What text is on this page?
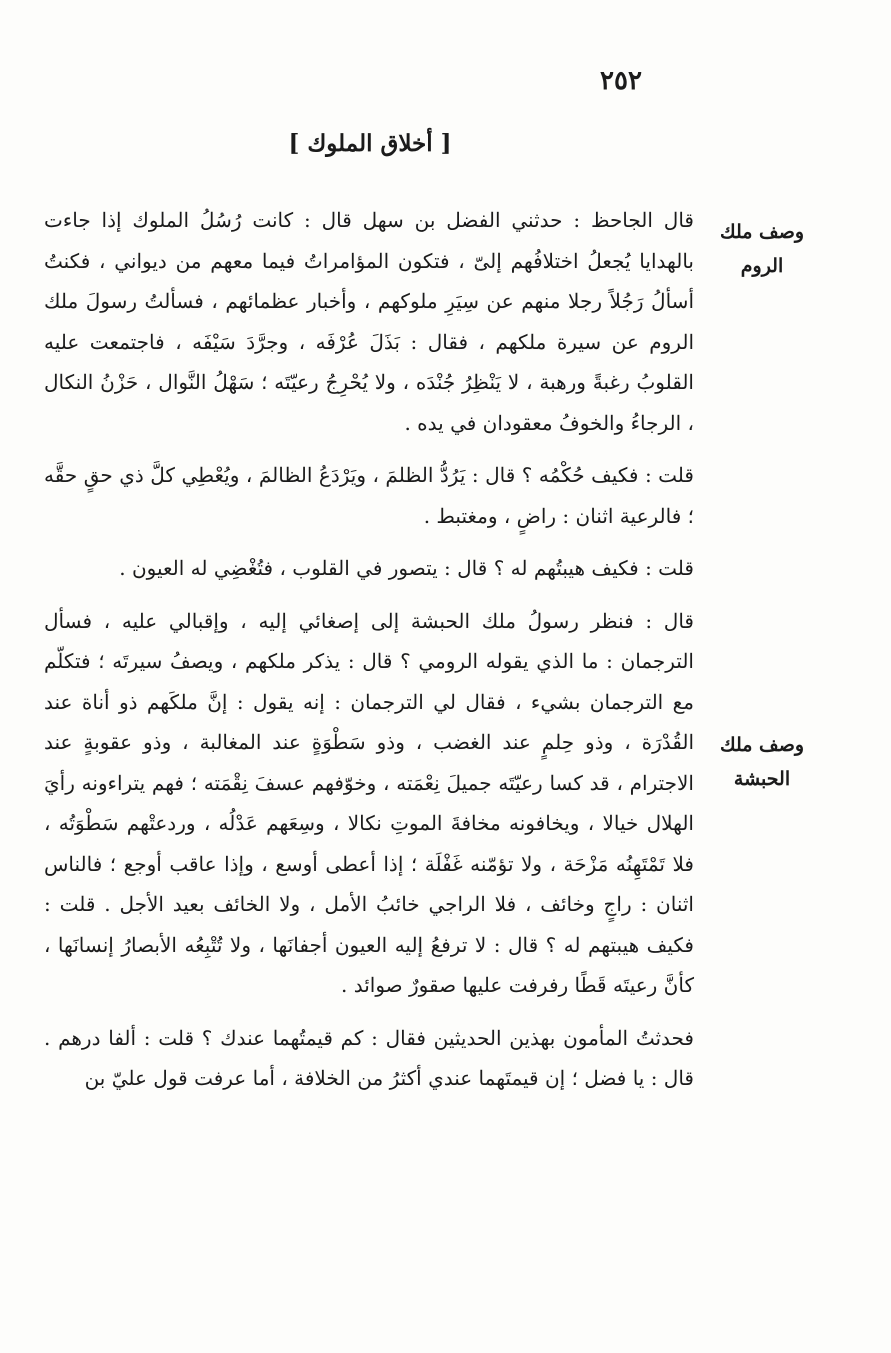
٢٥٢
[ أخلاق الملوك ]
وصف ملك الروم
وصف ملك الحبشة

قال الجاحظ : حدثني الفضل بن سهل قال : كانت رُسُلُ الملوك إذا جاءت بالهدايا يُجعلُ اختلافُهم إلىّ ، فتكون المؤامراتُ فيما معهم من ديواني ، فكنتُ أسألُ رَجُلاً رجلا منهم عن سِيَرِ ملوكهم ، وأخبار عظمائهم ، فسألتُ رسولَ ملك الروم عن سيرة ملكهم ، فقال : بَذَلَ عُرْفَه ، وجرَّدَ سَيْفَه ، فاجتمعت عليه القلوبُ رغبةً ورهبة ، لا يَنْظِرُ جُنْدَه ، ولا يُحْرِجُ رعيّتَه ؛ سَهْلُ النَّوال ، حَزْنُ النكال ، الرجاءُ والخوفُ معقودان في يده .

قلت : فكيف حُكْمُه ؟ قال : يَرُدُّ الظلمَ ، ويَرْدَعُ الظالمَ ، ويُعْطِي كلَّ ذي حقٍ حقَّه ؛ فالرعية اثنان : راضٍ ، ومغتبط .

قلت : فكيف هيبتُهم له ؟ قال : يتصور في القلوب ، فتُغْضِي له العيون .

قال : فنظر رسولُ ملك الحبشة إلى إصغائي إليه ، وإقبالي عليه ، فسأل الترجمان : ما الذي يقوله الرومي ؟ قال : يذكر ملكهم ، ويصفُ سيرتَه ؛ فتكلّم مع الترجمان بشيء ، فقال لي الترجمان : إنه يقول : إنَّ ملكَهم ذو أناة عند القُدْرَة ، وذو حِلمٍ عند الغضب ، وذو سَطْوَةٍ عند المغالبة ، وذو عقوبةٍ عند الاجترام ، قد كسا رعيّتَه جميلَ نِعْمَته ، وخوّفهم عسفَ نِقْمَته ؛ فهم يتراءونه رأيَ الهلال خيالا ، ويخافونه مخافةَ الموتِ نكالا ، وسِعَهم عَدْلُه ، وردعتْهم سَطْوَتُه ، فلا تَمْتَهِنُه مَزْحَة ، ولا تؤمّنه غَفْلَة ؛ إذا أعطى أوسع ، وإذا عاقب أوجع ؛ فالناس اثنان : راجٍ وخائف ، فلا الراجي خائبُ الأمل ، ولا الخائف بعيد الأجل . قلت : فكيف هيبتهم له ؟ قال : لا ترفعُ إليه العيون أجفانَها ، ولا تُتْبِعُه الأبصارُ إنسانَها ، كأنَّ رعيتَه قَطًا رفرفت عليها صقورٌ صوائد .

فحدثتُ المأمون بهذين الحديثين فقال : كم قيمتُهما عندك ؟ قلت : ألفا درهم . قال : يا فضل ؛ إن قيمتَهما عندي أكثرُ من الخلافة ، أما عرفت قول عليّ بن
